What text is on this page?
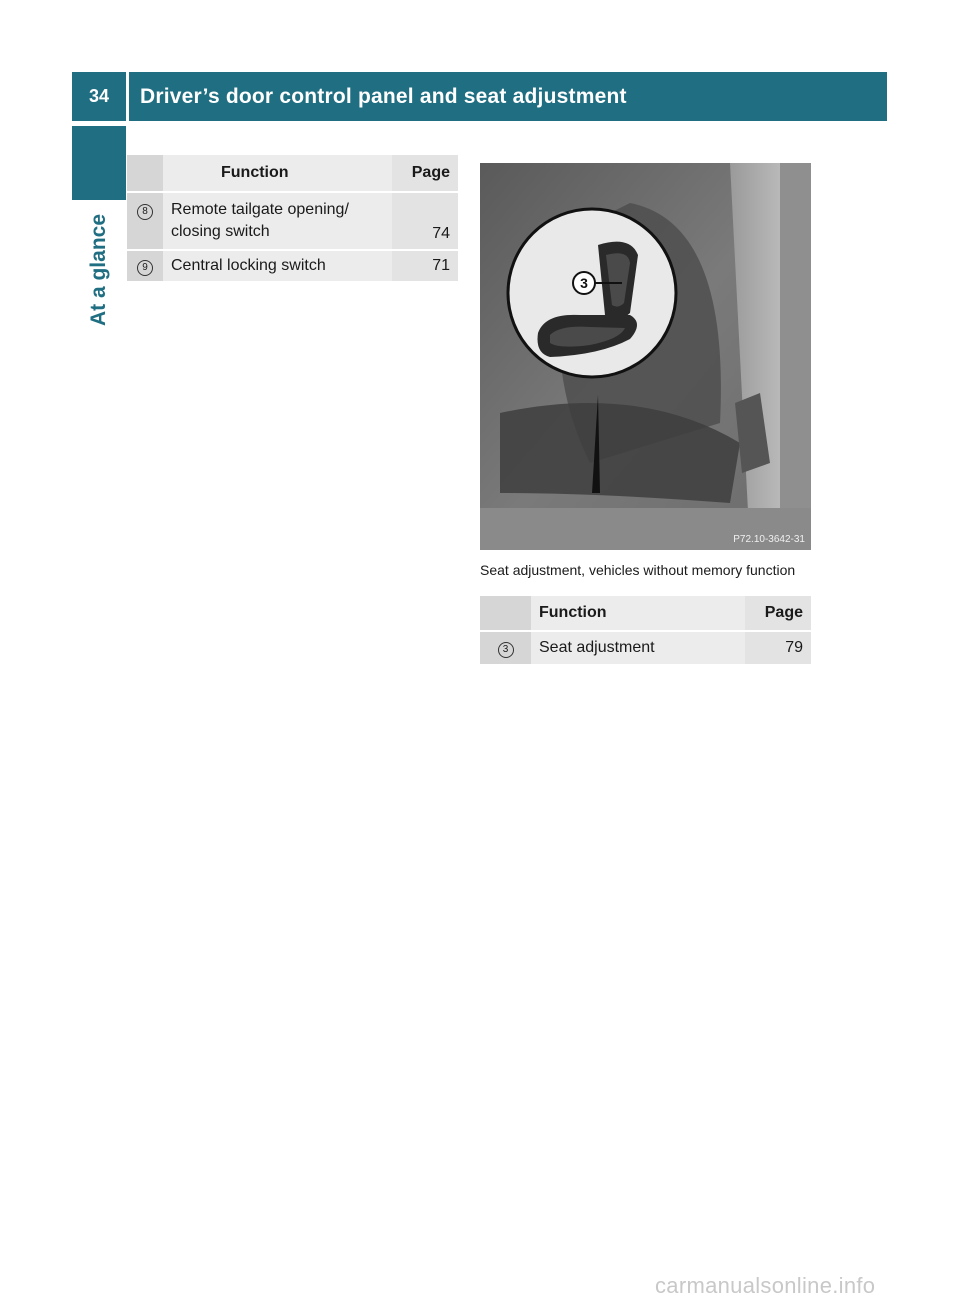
34	Driver’s door control panel and seat adjustment
At a glance
	Function	Page
8	Remote tailgate opening/
closing switch	74
9	Central locking switch	71
3
P72.10-3642-31
Seat adjustment, vehicles without memory function
	Function	Page
3	Seat adjustment	79
carmanualsonline.info
